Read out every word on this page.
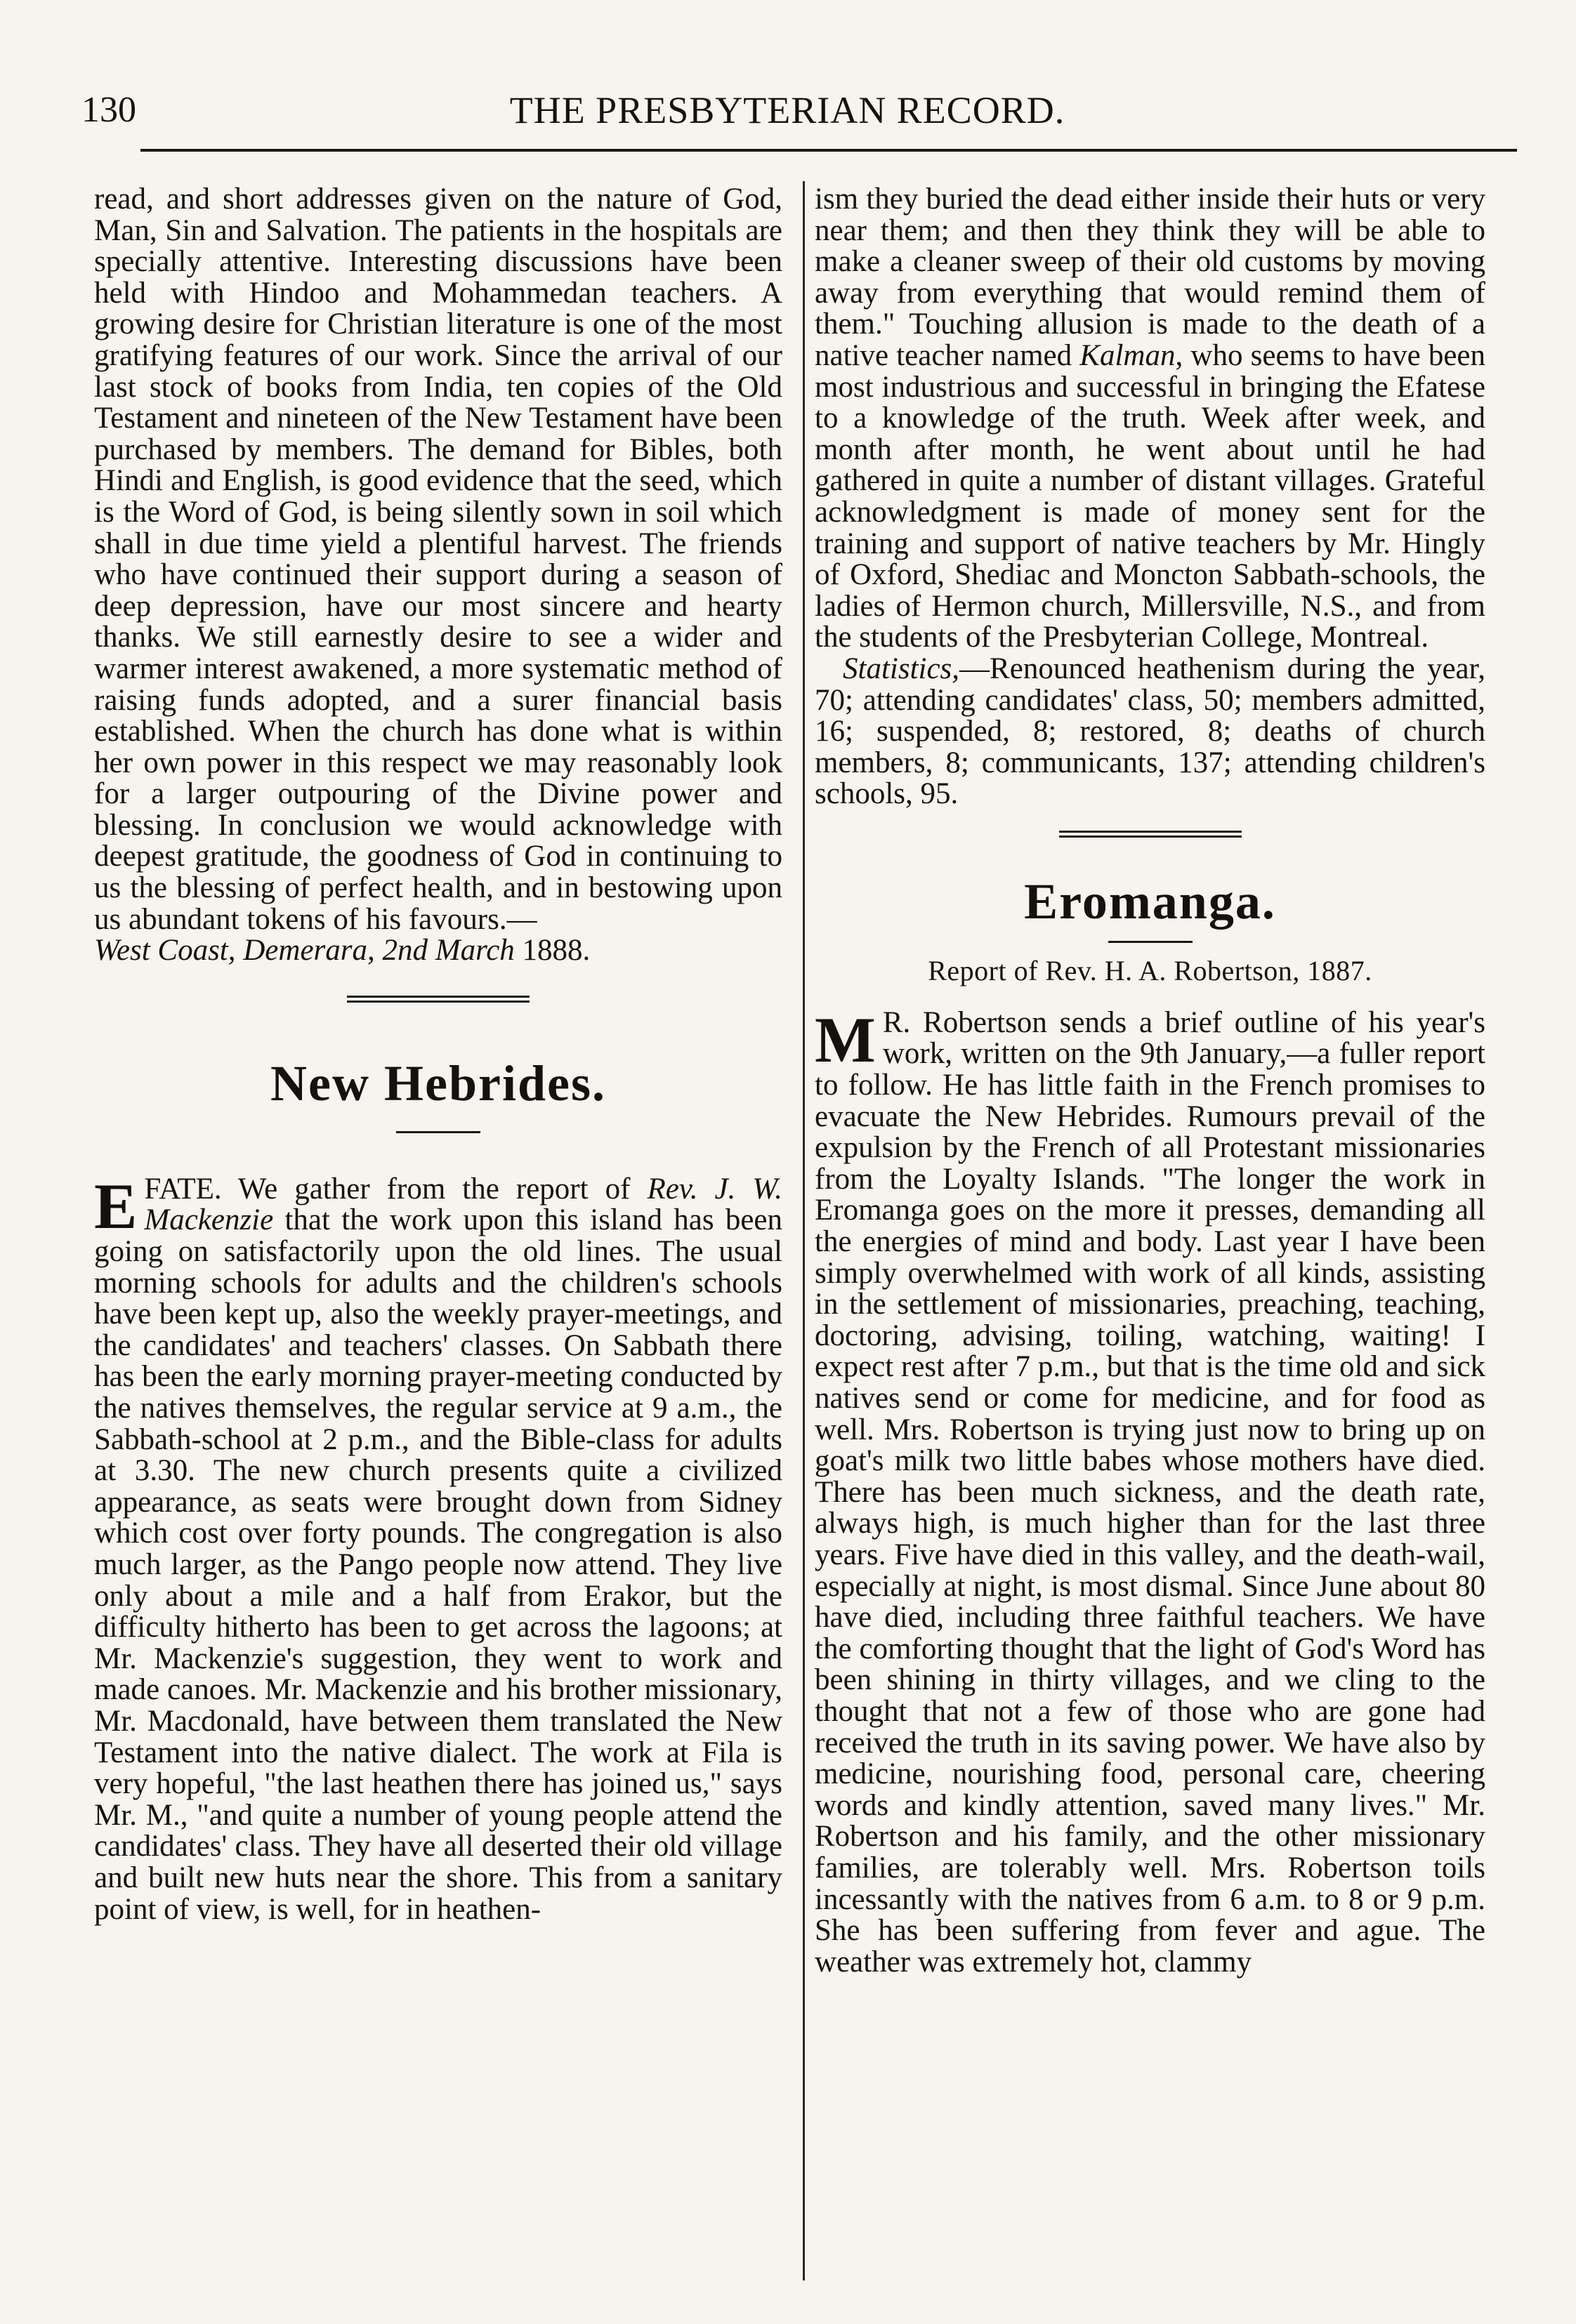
130	THE PRESBYTERIAN RECORD.

read, and short addresses given on the nature of God, Man, Sin and Salvation. The patients in the hospitals are specially attentive. Interesting discussions have been held with Hindoo and Mohammedan teachers. A growing desire for Christian literature is one of the most gratifying features of our work. Since the arrival of our last stock of books from India, ten copies of the Old Testament and nineteen of the New Testament have been purchased by members. The demand for Bibles, both Hindi and English, is good evidence that the seed, which is the Word of God, is being silently sown in soil which shall in due time yield a plentiful harvest. The friends who have continued their support during a season of deep depression, have our most sincere and hearty thanks. We still earnestly desire to see a wider and warmer interest awakened, a more systematic method of raising funds adopted, and a surer financial basis established. When the church has done what is within her own power in this respect we may reasonably look for a larger outpouring of the Divine power and blessing. In conclusion we would acknowledge with deepest gratitude, the goodness of God in continuing to us the blessing of perfect health, and in bestowing upon us abundant tokens of his favours.—

West Coast, Demerara, 2nd March 1888.

New Hebrides.

EFATE. We gather from the report of Rev. J. W. Mackenzie that the work upon this island has been going on satisfactorily upon the old lines. The usual morning schools for adults and the children's schools have been kept up, also the weekly prayer-meetings, and the candidates' and teachers' classes. On Sabbath there has been the early morning prayer-meeting conducted by the natives themselves, the regular service at 9 a.m., the Sabbath-school at 2 p.m., and the Bible-class for adults at 3.30. The new church presents quite a civilized appearance, as seats were brought down from Sidney which cost over forty pounds. The congregation is also much larger, as the Pango people now attend. They live only about a mile and a half from Erakor, but the difficulty hitherto has been to get across the lagoons; at Mr. Mackenzie's suggestion, they went to work and made canoes. Mr. Mackenzie and his brother missionary, Mr. Macdonald, have between them translated the New Testament into the native dialect. The work at Fila is very hopeful, "the last heathen there has joined us," says Mr. M., "and quite a number of young people attend the candidates' class. They have all deserted their old village and built new huts near the shore. This from a sanitary point of view, is well, for in heathen-

ism they buried the dead either inside their huts or very near them; and then they think they will be able to make a cleaner sweep of their old customs by moving away from everything that would remind them of them." Touching allusion is made to the death of a native teacher named Kalman, who seems to have been most industrious and successful in bringing the Efatese to a knowledge of the truth. Week after week, and month after month, he went about until he had gathered in quite a number of distant villages. Grateful acknowledgment is made of money sent for the training and support of native teachers by Mr. Hingly of Oxford, Shediac and Moncton Sabbath-schools, the ladies of Hermon church, Millersville, N.S., and from the students of the Presbyterian College, Montreal.

Statistics,—Renounced heathenism during the year, 70; attending candidates' class, 50; members admitted, 16; suspended, 8; restored, 8; deaths of church members, 8; communicants, 137; attending children's schools, 95.

Eromanga.
Report of Rev. H. A. Robertson, 1887.

M R. Robertson sends a brief outline of his year's work, written on the 9th January,—a fuller report to follow. He has little faith in the French promises to evacuate the New Hebrides. Rumours prevail of the expulsion by the French of all Protestant missionaries from the Loyalty Islands. "The longer the work in Eromanga goes on the more it presses, demanding all the energies of mind and body. Last year I have been simply overwhelmed with work of all kinds, assisting in the settlement of missionaries, preaching, teaching, doctoring, advising, toiling, watching, waiting! I expect rest after 7 p.m., but that is the time old and sick natives send or come for medicine, and for food as well. Mrs. Robertson is trying just now to bring up on goat's milk two little babes whose mothers have died. There has been much sickness, and the death rate, always high, is much higher than for the last three years. Five have died in this valley, and the death-wail, especially at night, is most dismal. Since June about 80 have died, including three faithful teachers. We have the comforting thought that the light of God's Word has been shining in thirty villages, and we cling to the thought that not a few of those who are gone had received the truth in its saving power. We have also by medicine, nourishing food, personal care, cheering words and kindly attention, saved many lives." Mr. Robertson and his family, and the other missionary families, are tolerably well. Mrs. Robertson toils incessantly with the natives from 6 a.m. to 8 or 9 p.m. She has been suffering from fever and ague. The weather was extremely hot, clammy
